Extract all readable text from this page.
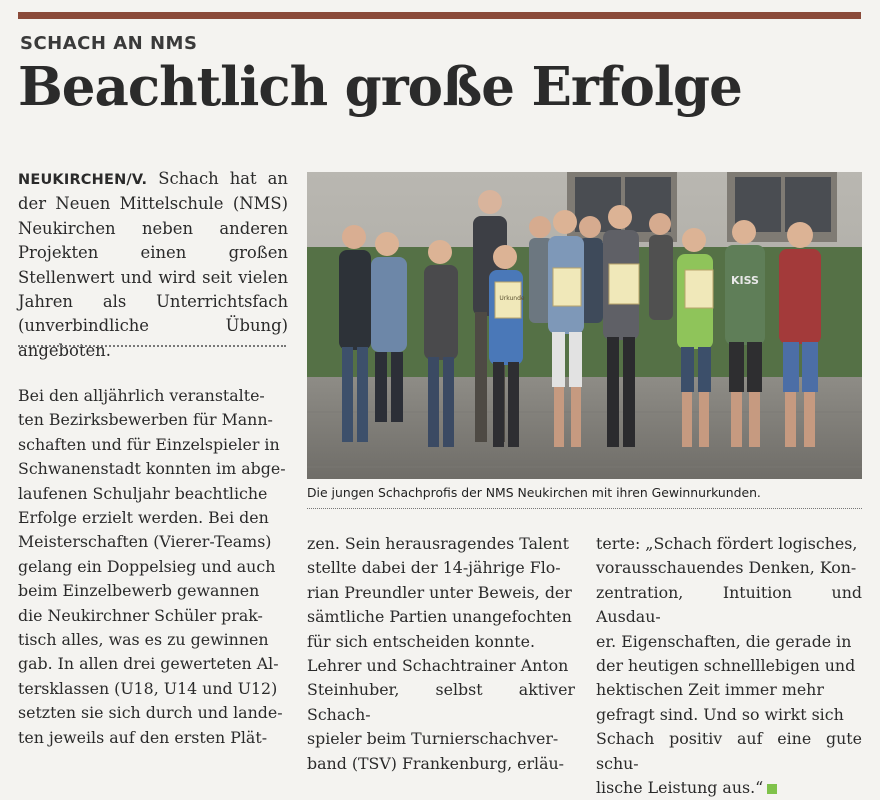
SCHACH AN NMS
Beachtlich große Erfolge

NEUKIRCHEN/V. Schach hat an der Neuen Mittelschule (NMS) Neukirchen neben anderen Projekten einen großen Stellenwert und wird seit vielen Jahren als Unterrichtsfach (unverbindliche Übung) angeboten.

Bei den alljährlich veranstalte-
ten Bezirksbewerben für Mann-
schaften und für Einzelspieler in
Schwanenstadt konnten im abge-
laufenen Schuljahr beachtliche
Erfolge erzielt werden. Bei den
Meisterschaften (Vierer-Teams)
gelang ein Doppelsieg und auch
beim Einzelbewerb gewannen
die Neukirchner Schüler prak-
tisch alles, was es zu gewinnen
gab. In allen drei gewerteten Al-
tersklassen (U18, U14 und U12)
setzten sie sich durch und lande-
ten jeweils auf den ersten Plät-
KISS
Urkunde
Die jungen Schachprofis der NMS Neukirchen mit ihren Gewinnurkunden.
zen. Sein herausragendes Talent
stellte dabei der 14-jährige Flo-
rian Preundler unter Beweis, der
sämtliche Partien unangefochten
für sich entscheiden konnte.
Lehrer und Schachtrainer Anton
Steinhuber, selbst aktiver Schach-
spieler beim Turnierschachver-
band (TSV) Frankenburg, erläu-
terte: „Schach fördert logisches,
vorausschauendes Denken, Kon-
zentration, Intuition und Ausdau-
er. Eigenschaften, die gerade in
der heutigen schnelllebigen und
hektischen Zeit immer mehr
gefragt sind. Und so wirkt sich
Schach positiv auf eine gute schu-
lische Leistung aus.“
